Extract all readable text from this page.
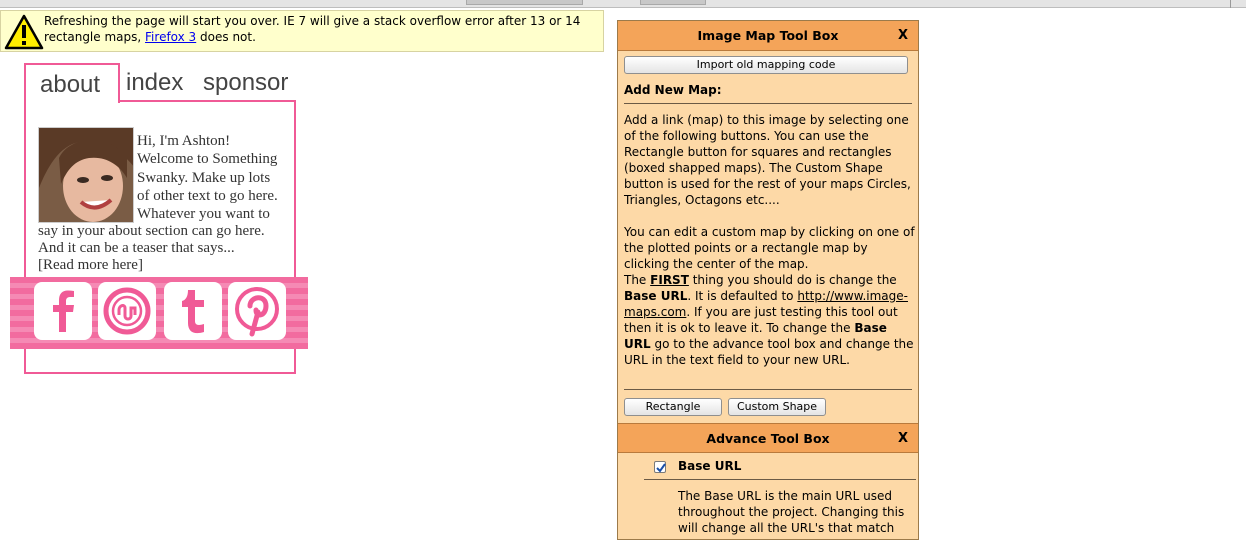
Refreshing the page will start you over. IE 7 will give a stack overflow error after 13 or 14 rectangle maps, Firefox 3 does not.
about	index sponsor
Hi, I'm Ashton!
Welcome to Something
Swanky. Make up lots
of other text to go here.
Whatever you want to
say in your about section can go here.
And it can be a teaser that says...
[Read more here]
Image Map Tool Box	X
Import old mapping code
Add New Map:
Add a link (map) to this image by selecting one of the following buttons. You can use the Rectangle button for squares and rectangles (boxed shapped maps). The Custom Shape button is used for the rest of your maps Circles, Triangles, Octagons etc....
You can edit a custom map by clicking on one of the plotted points or a rectangle map by clicking the center of the map.
The FIRST thing you should do is change the Base URL. It is defaulted to http://www.image-maps.com. If you are just testing this tool out then it is ok to leave it. To change the Base URL go to the advance tool box and change the URL in the text field to your new URL.
Rectangle	Custom Shape
Advance Tool Box	X
Base URL
The Base URL is the main URL used throughout the project. Changing this will change all the URL's that match
